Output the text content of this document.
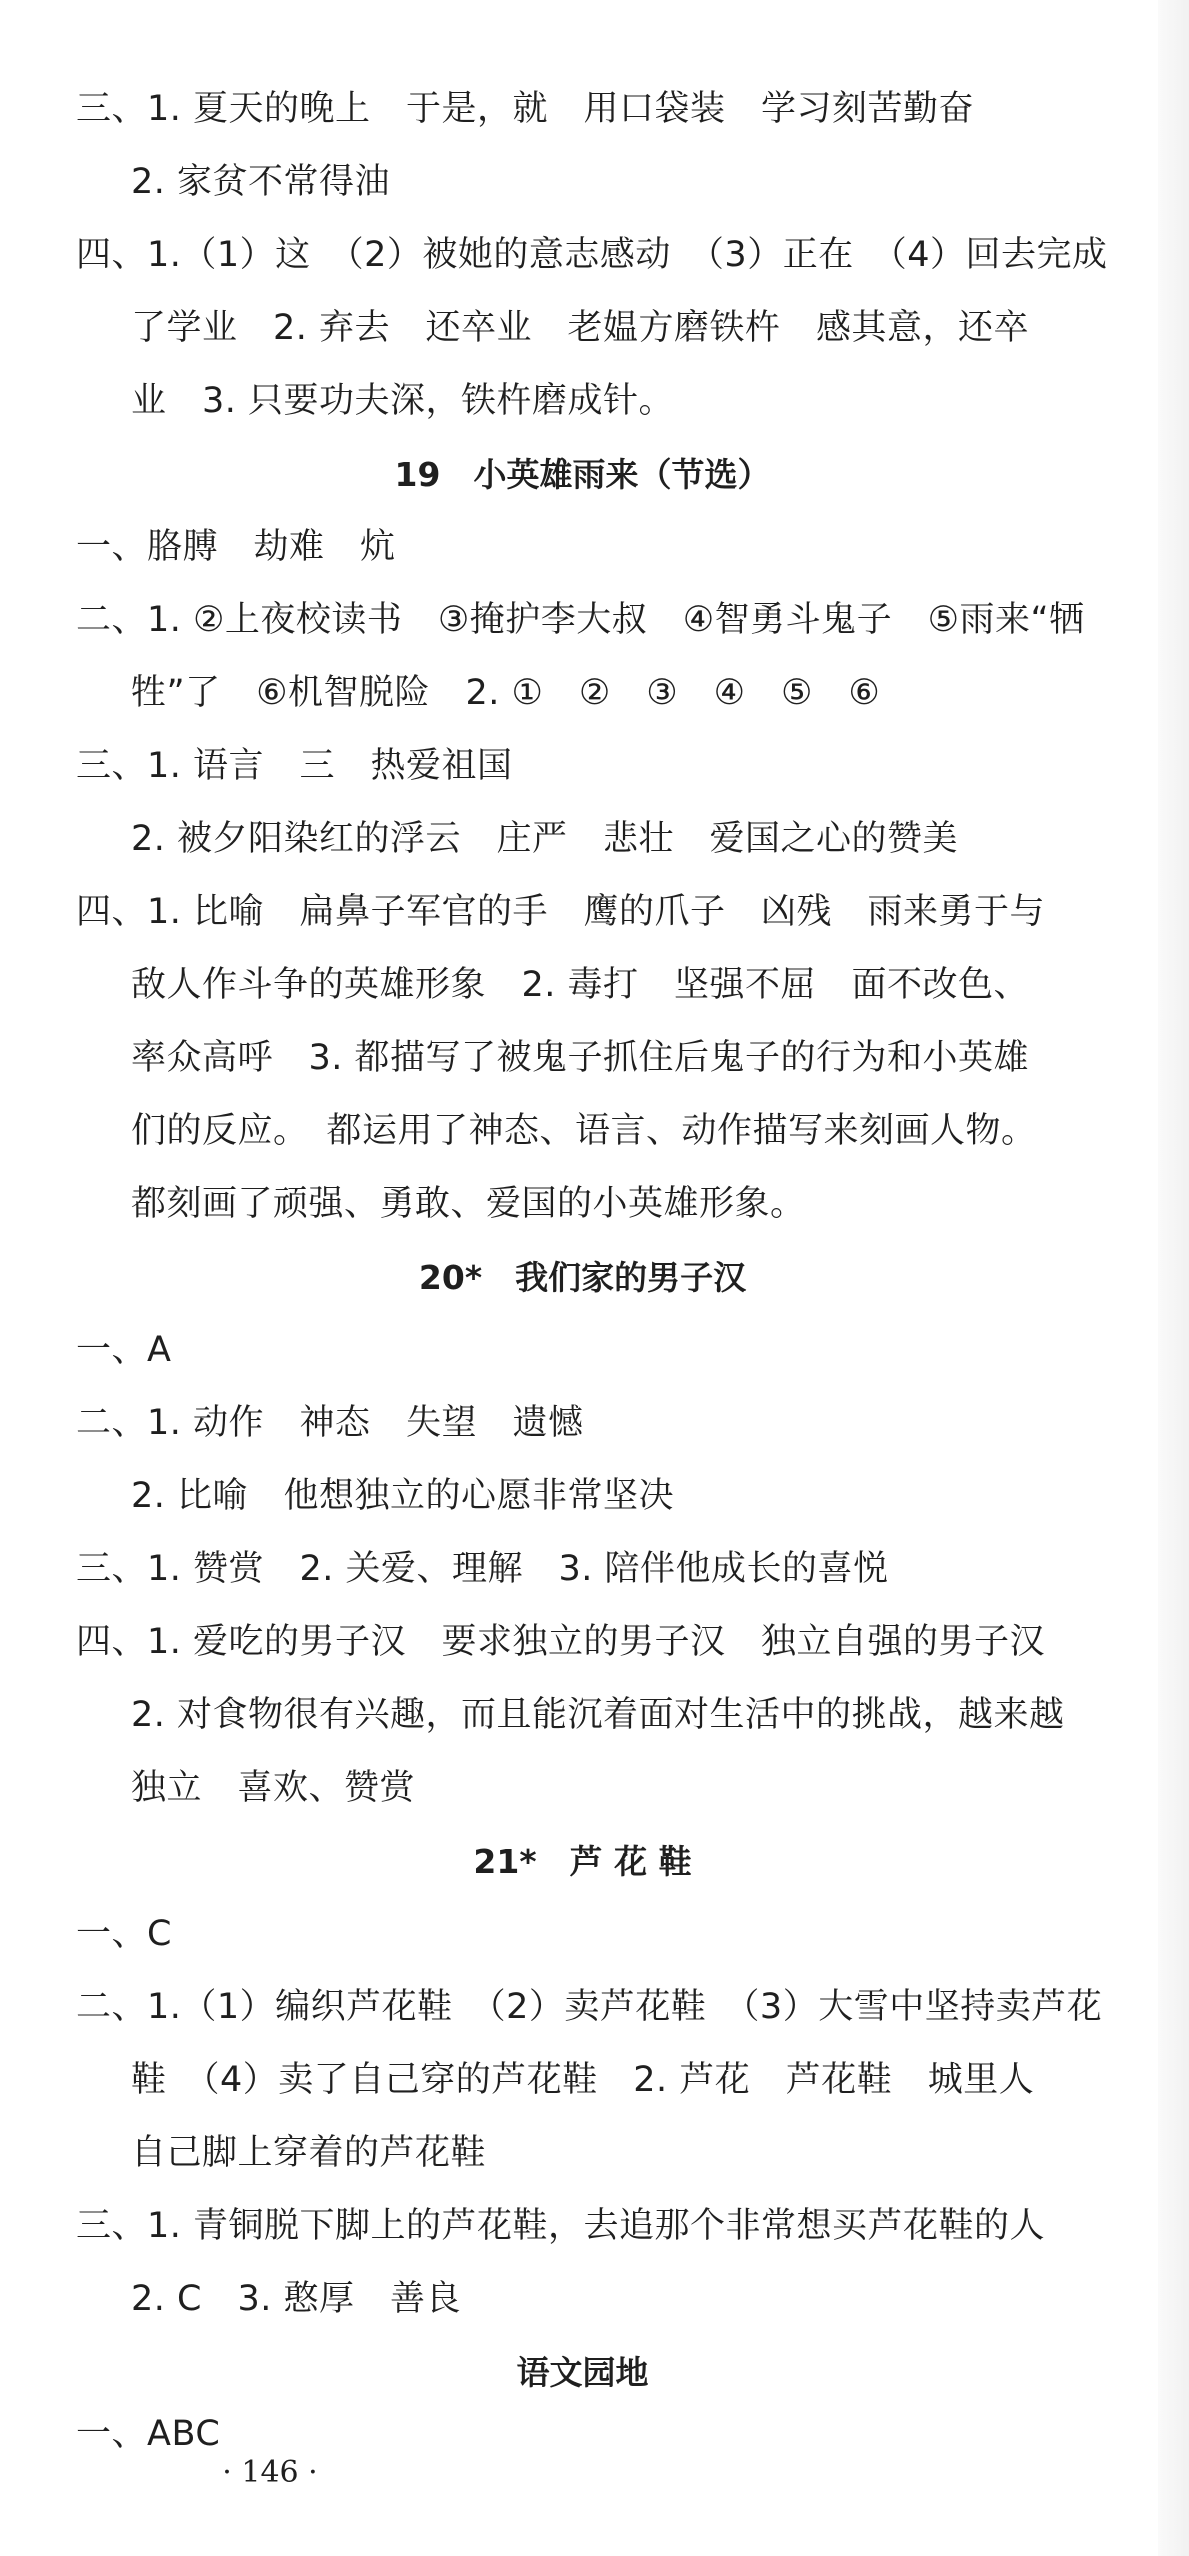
三、1. 夏天的晚上　于是，就　用口袋装　学习刻苦勤奋
2. 家贫不常得油
四、1.（1）这　（2）被她的意志感动　（3）正在　（4）回去完成
了学业　2. 弃去　还卒业　老媪方磨铁杵　感其意，还卒
业　3. 只要功夫深，铁杵磨成针。
19　小英雄雨来（节选）
一、胳膊　劫难　炕
二、1. ②上夜校读书　③掩护李大叔　④智勇斗鬼子　⑤雨来“牺
牲”了　⑥机智脱险　2. ①　②　③　④　⑤　⑥
三、1. 语言　三　热爱祖国
2. 被夕阳染红的浮云　庄严　悲壮　爱国之心的赞美
四、1. 比喻　扁鼻子军官的手　鹰的爪子　凶残　雨来勇于与
敌人作斗争的英雄形象　2. 毒打　坚强不屈　面不改色、
率众高呼　3. 都描写了被鬼子抓住后鬼子的行为和小英雄
们的反应。　都运用了神态、语言、动作描写来刻画人物。
都刻画了顽强、勇敢、爱国的小英雄形象。
20*　我们家的男子汉
一、A
二、1. 动作　神态　失望　遗憾
2. 比喻　他想独立的心愿非常坚决
三、1. 赞赏　2. 关爱、理解　3. 陪伴他成长的喜悦
四、1. 爱吃的男子汉　要求独立的男子汉　独立自强的男子汉
2. 对食物很有兴趣，而且能沉着面对生活中的挑战，越来越
独立　喜欢、赞赏
21*　芦 花 鞋
一、C
二、1.（1）编织芦花鞋　（2）卖芦花鞋　（3）大雪中坚持卖芦花
鞋　（4）卖了自己穿的芦花鞋　2. 芦花　芦花鞋　城里人
自己脚上穿着的芦花鞋
三、1. 青铜脱下脚上的芦花鞋，去追那个非常想买芦花鞋的人
2. C　3. 憨厚　善良
语文园地
一、ABC
· 146 ·
